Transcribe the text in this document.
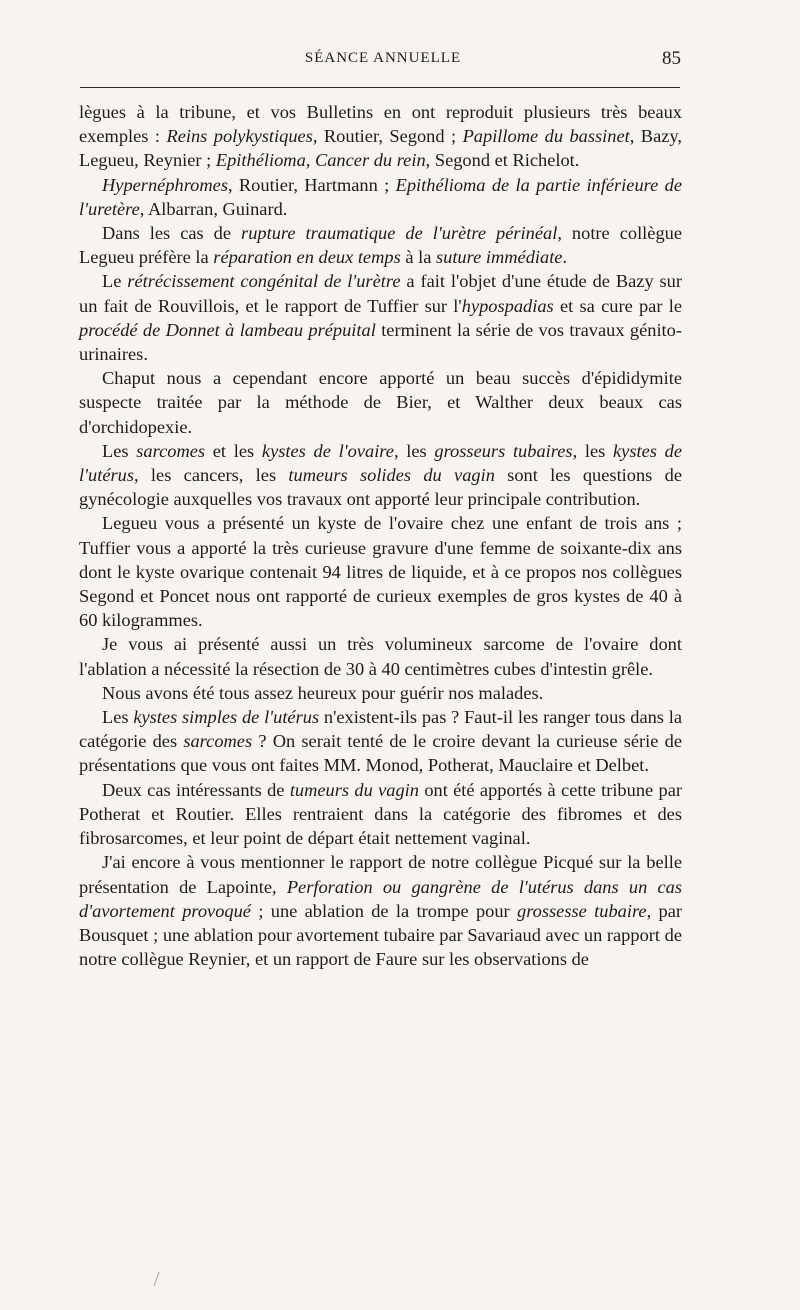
SÉANCE ANNUELLE	85

lègues à la tribune, et vos Bulletins en ont reproduit plusieurs très beaux exemples : Reins polykystiques, Routier, Segond ; Papillome du bassinet, Bazy, Legueu, Reynier ; Epithélioma, Cancer du rein, Segond et Richelot.

Hypernéphromes, Routier, Hartmann ; Epithélioma de la partie inférieure de l'uretère, Albarran, Guinard.

Dans les cas de rupture traumatique de l'urètre périnéal, notre collègue Legueu préfère la réparation en deux temps à la suture immédiate.

Le rétrécissement congénital de l'urètre a fait l'objet d'une étude de Bazy sur un fait de Rouvillois, et le rapport de Tuffier sur l'hypospadias et sa cure par le procédé de Donnet à lambeau prépuital terminent la série de vos travaux génito-urinaires.

Chaput nous a cependant encore apporté un beau succès d'épididymite suspecte traitée par la méthode de Bier, et Walther deux beaux cas d'orchidopexie.

Les sarcomes et les kystes de l'ovaire, les grosseurs tubaires, les kystes de l'utérus, les cancers, les tumeurs solides du vagin sont les questions de gynécologie auxquelles vos travaux ont apporté leur principale contribution.

Legueu vous a présenté un kyste de l'ovaire chez une enfant de trois ans ; Tuffier vous a apporté la très curieuse gravure d'une femme de soixante-dix ans dont le kyste ovarique contenait 94 litres de liquide, et à ce propos nos collègues Segond et Poncet nous ont rapporté de curieux exemples de gros kystes de 40 à 60 kilogrammes.

Je vous ai présenté aussi un très volumineux sarcome de l'ovaire dont l'ablation a nécessité la résection de 30 à 40 centimètres cubes d'intestin grêle.

Nous avons été tous assez heureux pour guérir nos malades.

Les kystes simples de l'utérus n'existent-ils pas ? Faut-il les ranger tous dans la catégorie des sarcomes ? On serait tenté de le croire devant la curieuse série de présentations que vous ont faites MM. Monod, Potherat, Mauclaire et Delbet.

Deux cas intéressants de tumeurs du vagin ont été apportés à cette tribune par Potherat et Routier. Elles rentraient dans la catégorie des fibromes et des fibrosarcomes, et leur point de départ était nettement vaginal.

J'ai encore à vous mentionner le rapport de notre collègue Picqué sur la belle présentation de Lapointe, Perforation ou gangrène de l'utérus dans un cas d'avortement provoqué ; une ablation de la trompe pour grossesse tubaire, par Bousquet ; une ablation pour avortement tubaire par Savariaud avec un rapport de notre collègue Reynier, et un rapport de Faure sur les observations de
